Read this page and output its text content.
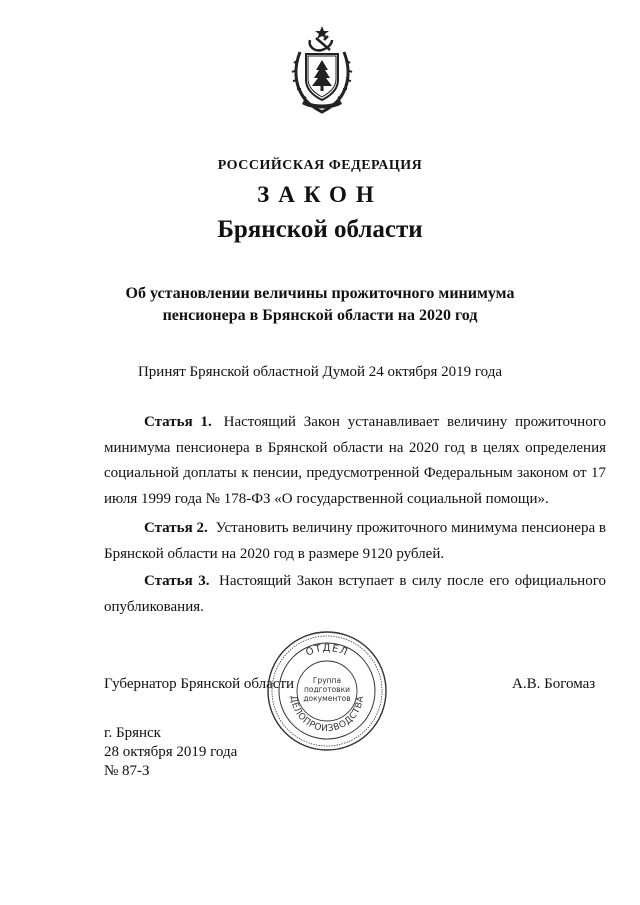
РОССИЙСКАЯ ФЕДЕРАЦИЯ

ЗАКОН
Брянской области
Об установлении величины прожиточного минимума
пенсионера в Брянской области на 2020 год

Принят Брянской областной Думой 24 октября 2019 года

Статья 1. Настоящий Закон устанавливает величину прожиточного минимума пенсионера в Брянской области на 2020 год в целях определения социальной доплаты к пенсии, предусмотренной Федеральным законом от 17 июля 1999 года № 178-ФЗ «О государственной социальной помощи».

Статья 2. Установить величину прожиточного минимума пенсионера в Брянской области на 2020 год в размере 9120 рублей.

Статья 3. Настоящий Закон вступает в силу после его официального опубликования.

Губернатор Брянской области	А.В. Богомаз
ОТДЕЛ
ДЕЛОПРОИЗВОДСТВА
Группа
подготовки
документов
г. Брянск
28 октября 2019 года
№ 87-З
